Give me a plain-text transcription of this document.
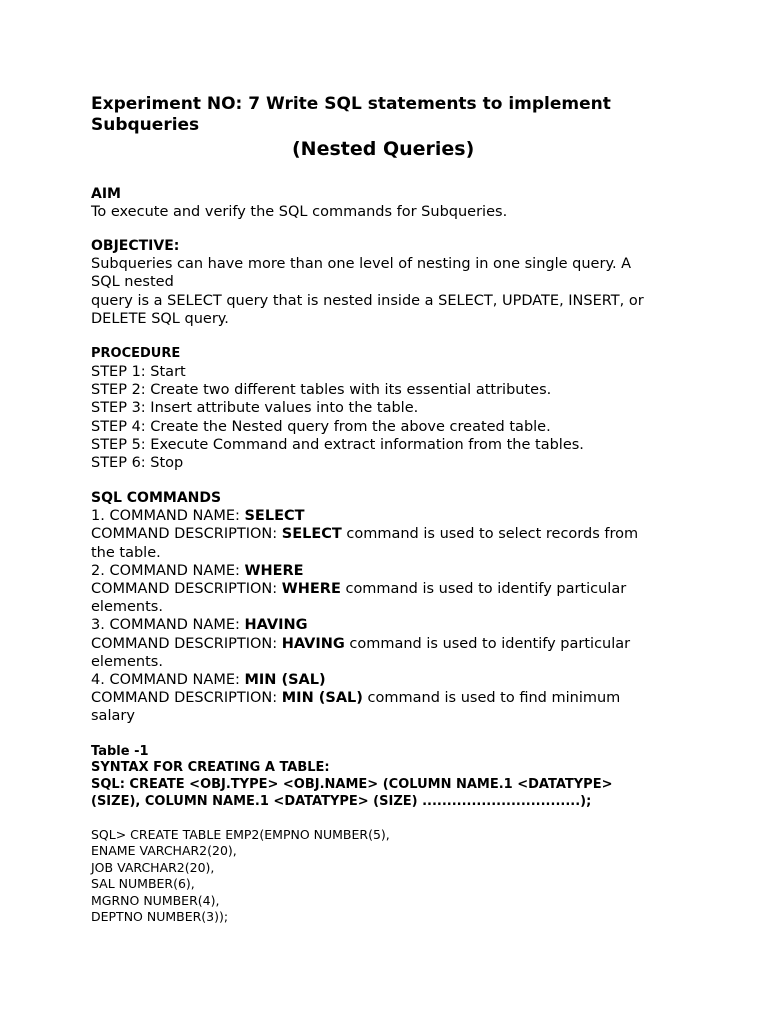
Experiment NO: 7 Write SQL statements to implement
Subqueries
(Nested Queries)
AIM
To execute and verify the SQL commands for Subqueries.
OBJECTIVE:
Subqueries can have more than one level of nesting in one single query. A
SQL nested
query is a SELECT query that is nested inside a SELECT, UPDATE, INSERT, or
DELETE SQL query.
PROCEDURE
STEP 1: Start
STEP 2: Create two different tables with its essential attributes.
STEP 3: Insert attribute values into the table.
STEP 4: Create the Nested query from the above created table.
STEP 5: Execute Command and extract information from the tables.
STEP 6: Stop
SQL COMMANDS
1. COMMAND NAME: SELECT
COMMAND DESCRIPTION: SELECT command is used to select records from
the table.
2. COMMAND NAME: WHERE
COMMAND DESCRIPTION: WHERE command is used to identify particular
elements.
3. COMMAND NAME: HAVING
COMMAND DESCRIPTION: HAVING command is used to identify particular
elements.
4. COMMAND NAME: MIN (SAL)
COMMAND DESCRIPTION: MIN (SAL) command is used to find minimum
salary
Table -1
SYNTAX FOR CREATING A TABLE:
SQL: CREATE <OBJ.TYPE> <OBJ.NAME> (COLUMN NAME.1 <DATATYPE>
(SIZE), COLUMN NAME.1 <DATATYPE> (SIZE) ................................);
SQL> CREATE TABLE EMP2(EMPNO NUMBER(5),
ENAME VARCHAR2(20),
JOB VARCHAR2(20),
SAL NUMBER(6),
MGRNO NUMBER(4),
DEPTNO NUMBER(3));
